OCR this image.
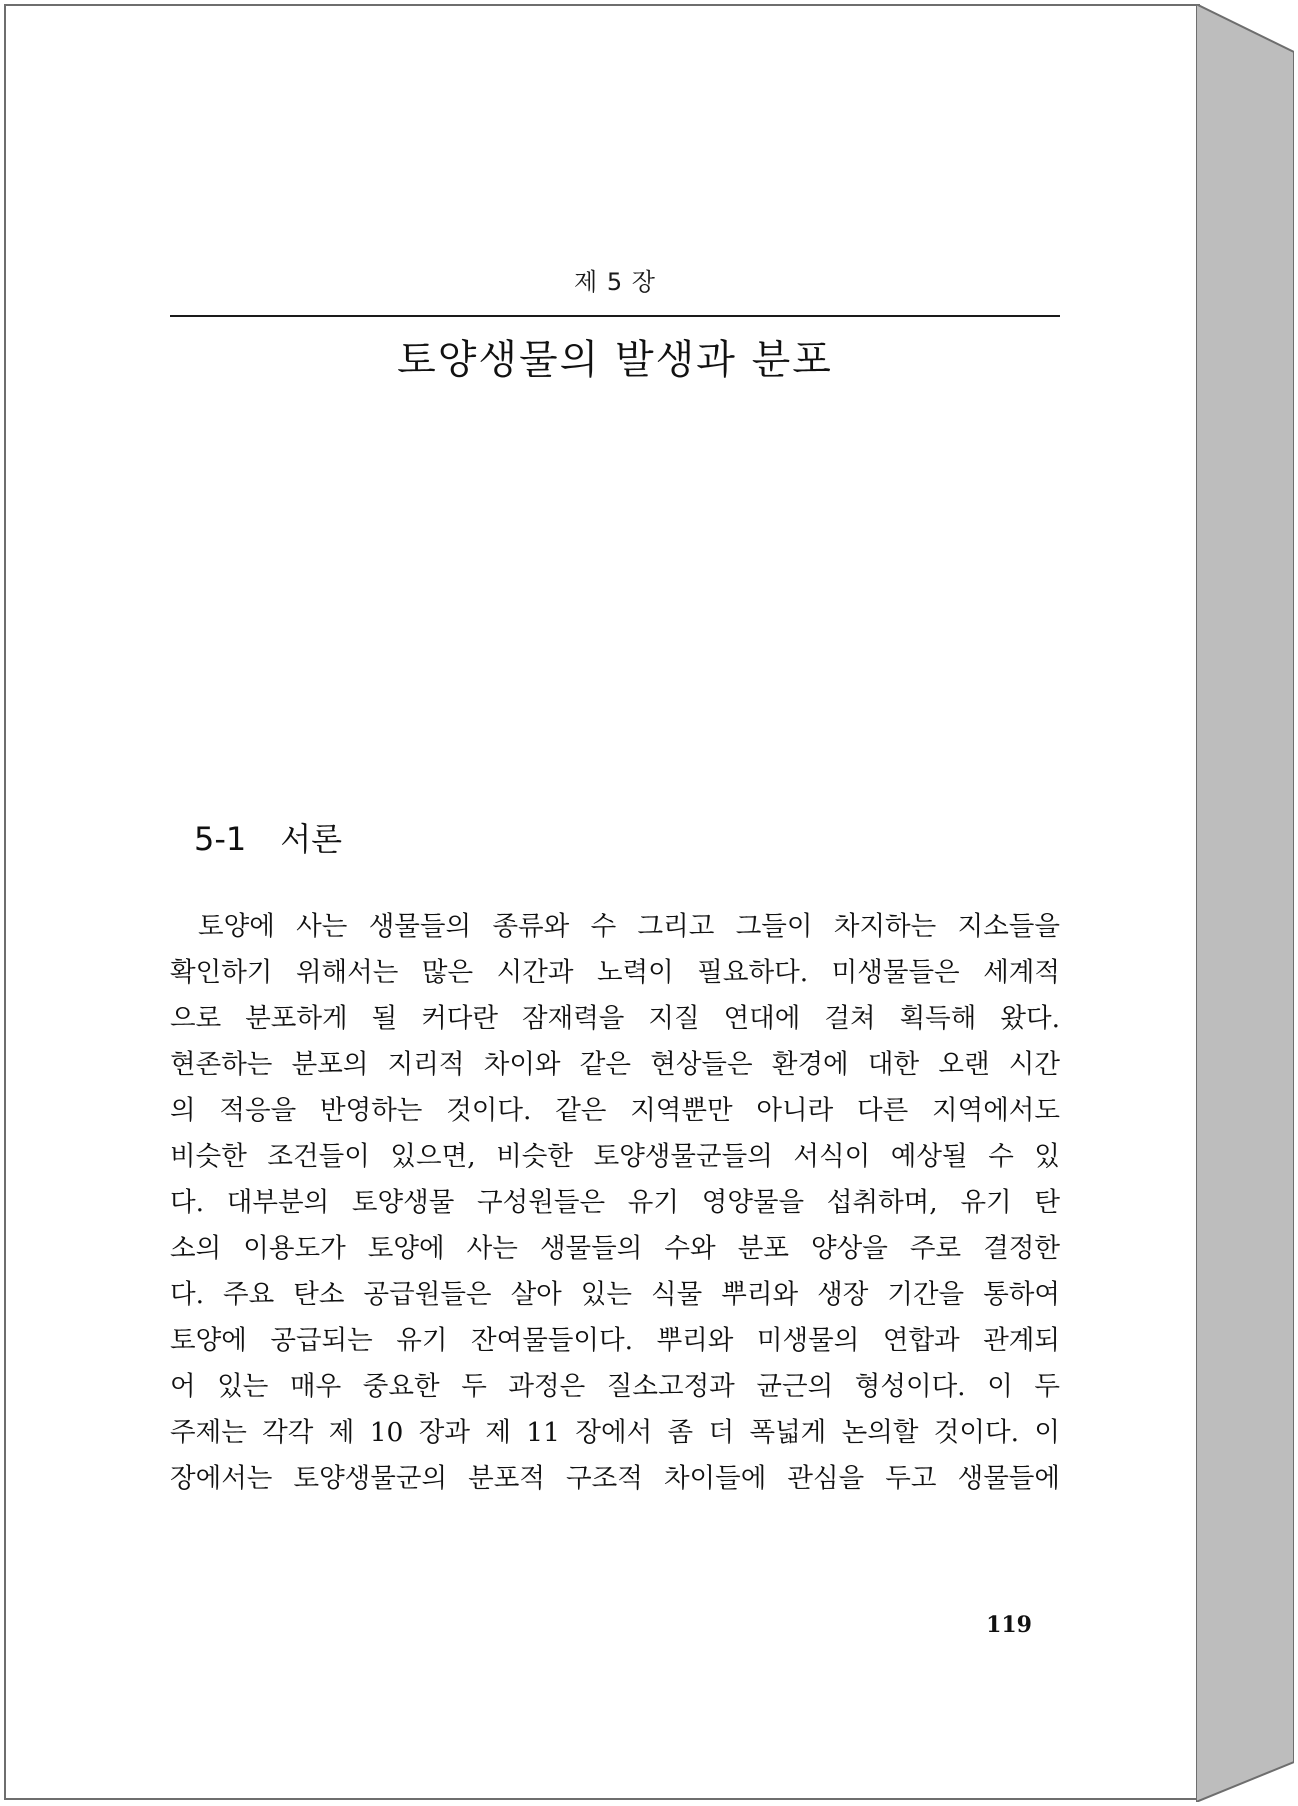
제 5 장
토양생물의 발생과 분포
5-1 서론
토양에 사는 생물들의 종류와 수 그리고 그들이 차지하는 지소들을
확인하기 위해서는 많은 시간과 노력이 필요하다. 미생물들은 세계적
으로 분포하게 될 커다란 잠재력을 지질 연대에 걸쳐 획득해 왔다.
현존하는 분포의 지리적 차이와 같은 현상들은 환경에 대한 오랜 시간
의 적응을 반영하는 것이다. 같은 지역뿐만 아니라 다른 지역에서도
비슷한 조건들이 있으면, 비슷한 토양생물군들의 서식이 예상될 수 있
다. 대부분의 토양생물 구성원들은 유기 영양물을 섭취하며, 유기 탄
소의 이용도가 토양에 사는 생물들의 수와 분포 양상을 주로 결정한
다. 주요 탄소 공급원들은 살아 있는 식물 뿌리와 생장 기간을 통하여
토양에 공급되는 유기 잔여물들이다. 뿌리와 미생물의 연합과 관계되
어 있는 매우 중요한 두 과정은 질소고정과 균근의 형성이다. 이 두
주제는 각각 제 10 장과 제 11 장에서 좀 더 폭넓게 논의할 것이다. 이
장에서는 토양생물군의 분포적 구조적 차이들에 관심을 두고 생물들에
119
